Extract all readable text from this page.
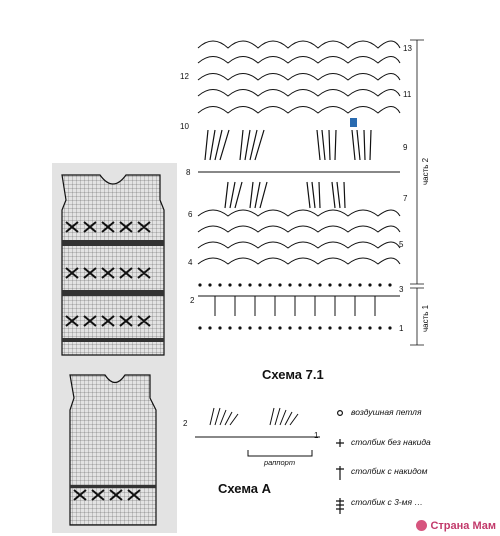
12
10
8
6
4
2
13
11
9
7
5
3
1
часть 2
часть 1
Схема 7.1
Схема А
2
1
раппорт
воздушная петля
столбик без накида
столбик с накидом
столбик с 3-мя …
Страна Мам
